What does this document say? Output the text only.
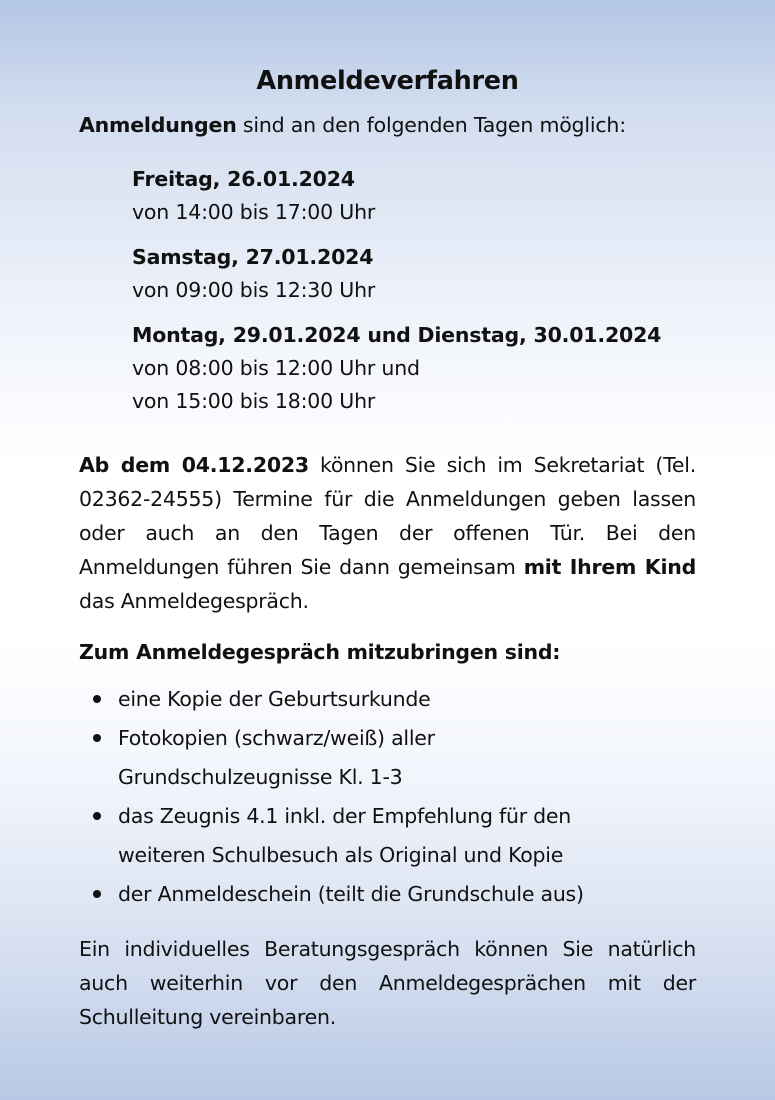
Anmeldeverfahren
Anmeldungen sind an den folgenden Tagen möglich:
Freitag, 26.01.2024
von 14:00 bis 17:00 Uhr
Samstag, 27.01.2024
von 09:00 bis 12:30 Uhr
Montag, 29.01.2024 und Dienstag, 30.01.2024
von 08:00 bis 12:00 Uhr und
von 15:00 bis 18:00 Uhr
Ab dem 04.12.2023 können Sie sich im Sekretariat (Tel. 02362-24555) Termine für die Anmeldungen geben lassen oder auch an den Tagen der offenen Tür. Bei den Anmeldungen führen Sie dann gemeinsam mit Ihrem Kind das Anmeldegespräch.
Zum Anmeldegespräch mitzubringen sind:
eine Kopie der Geburtsurkunde
Fotokopien (schwarz/weiß) aller
Grundschulzeugnisse Kl. 1-3
das Zeugnis 4.1 inkl. der Empfehlung für den
weiteren Schulbesuch als Original und Kopie
der Anmeldeschein (teilt die Grundschule aus)
Ein individuelles Beratungsgespräch können Sie natürlich auch weiterhin vor den Anmeldegesprächen mit der Schulleitung vereinbaren.
